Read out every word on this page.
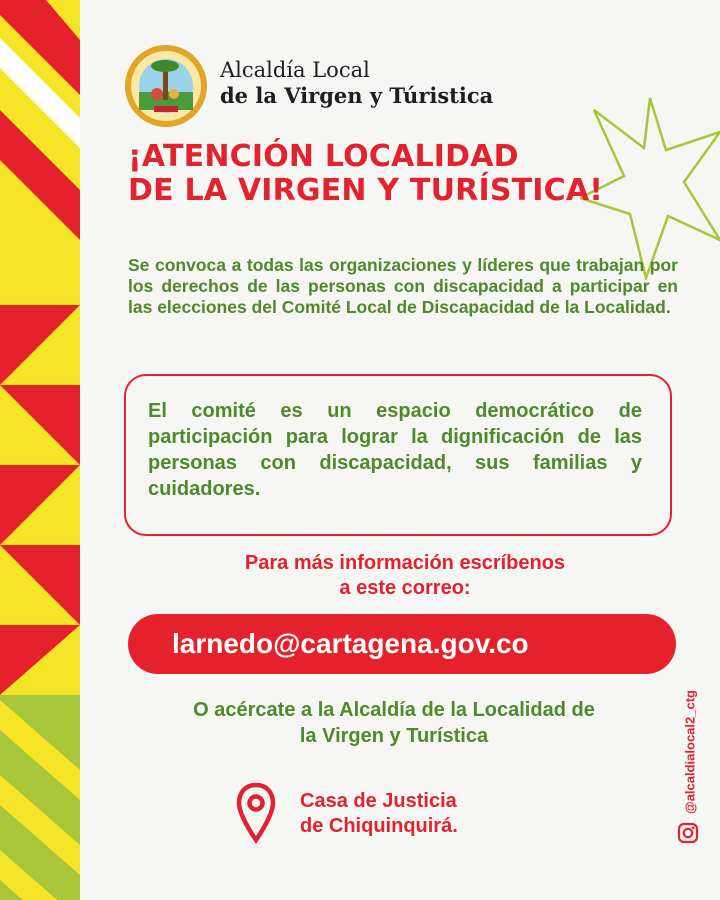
Alcaldía Local
de la Virgen y Túristica
¡ATENCIÓN LOCALIDAD
DE LA VIRGEN Y TURÍSTICA!

Se convoca a todas las organizaciones y líderes que trabajan por los derechos de las personas con discapacidad a participar en las elecciones del Comité Local de Discapacidad de la Localidad.

El comité es un espacio democrático de participación para lograr la dignificación de las personas con discapacidad, sus familias y cuidadores.

Para más información escríbenos
a este correo:
larnedo@cartagena.gov.co
O acércate a la Alcaldía de la Localidad de
la Virgen y Turística
Casa de Justicia
de Chiquinquirá.
@alcaldialocal2_ctg
